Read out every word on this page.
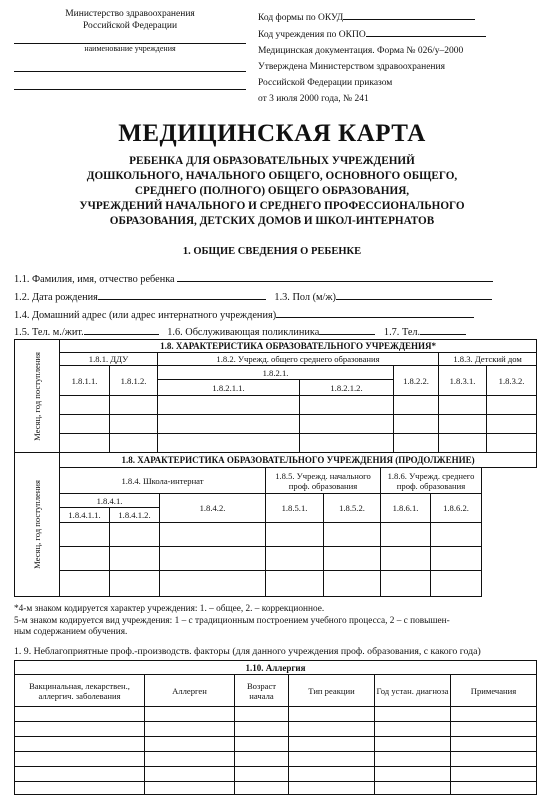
Министерство здравоохранения
Российской Федерации
наименование учреждения
Код формы по ОКУД
Код учреждения по ОКПО
Медицинская документация. Форма № 026/у–2000
Утверждена Министерством здравоохранения
Российской Федерации приказом
от 3 июля 2000 года, № 241
МЕДИЦИНСКАЯ КАРТА
РЕБЕНКА ДЛЯ ОБРАЗОВАТЕЛЬНЫХ УЧРЕЖДЕНИЙ
ДОШКОЛЬНОГО, НАЧАЛЬНОГО ОБЩЕГО, ОСНОВНОГО ОБЩЕГО,
СРЕДНЕГО (ПОЛНОГО) ОБЩЕГО ОБРАЗОВАНИЯ,
УЧРЕЖДЕНИЙ НАЧАЛЬНОГО И СРЕДНЕГО ПРОФЕССИОНАЛЬНОГО
ОБРАЗОВАНИЯ, ДЕТСКИХ ДОМОВ И ШКОЛ-ИНТЕРНАТОВ
1. ОБЩИЕ СВЕДЕНИЯ О РЕБЕНКЕ
1.1. Фамилия, имя, отчество ребенка
1.2. Дата рождения	1.3. Пол (м/ж)
1.4. Домашний адрес (или адрес интернатного учреждения)
1.5. Тел. м./жит.	1.6. Обслуживающая поликлиника	1.7. Тел.
Месяц, год поступления	1.8. ХАРАКТЕРИСТИКА ОБРАЗОВАТЕЛЬНОГО УЧРЕЖДЕНИЯ*						
	1.8.1. ДДУ		1.8.2. Учрежд. общего среднего образования			1.8.3. Детский дом	
	1.8.1.1.	1.8.1.2.	1.8.2.1.		1.8.2.2.	1.8.3.1.	1.8.3.2.
			1.8.2.1.1.	1.8.2.1.2.			

Месяц, год поступления	1.8. ХАРАКТЕРИСТИКА ОБРАЗОВАТЕЛЬНОГО УЧРЕЖДЕНИЯ (ПРОДОЛЖЕНИЕ)						
	1.8.4. Школа-интернат			1.8.5. Учрежд. начального проф. образования		1.8.6. Учрежд. среднего проф. образования	
	1.8.4.1.		1.8.4.2.	1.8.5.1.	1.8.5.2.	1.8.6.1.	1.8.6.2.
	1.8.4.1.1.	1.8.4.1.2.					

*4-м знаком кодируется характер учреждения: 1. – общее, 2. – коррекционное.
5-м знаком кодируется вид учреждения: 1 – с традиционным построением учебного процесса, 2 – с повышен-
ным содержанием обучения.
1. 9. Неблагоприятные проф.-производств. факторы (для данного учреждения проф. образования, с какого года)
1.10. Аллергия					
Вакцинальная, лекарствен., аллергич. заболевания	Аллерген	Возраст начала	Тип реакции	Год устан. диагноза	Примечания
